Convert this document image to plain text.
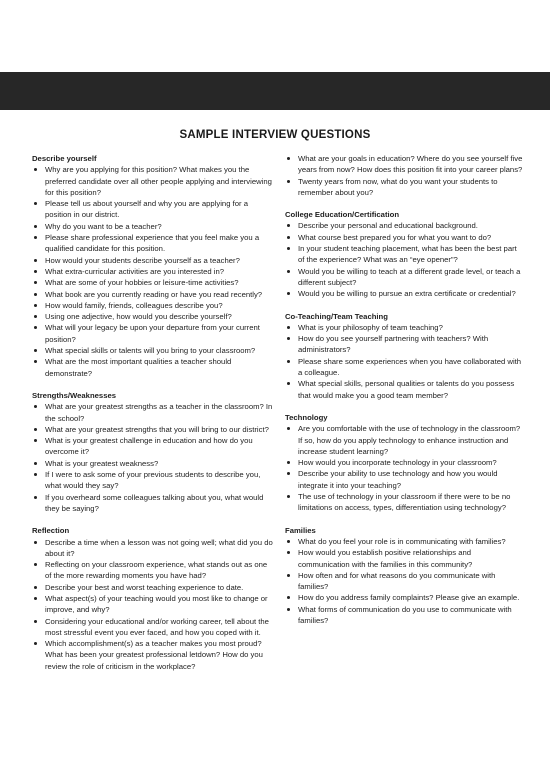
SAMPLE INTERVIEW QUESTIONS
Describe yourself
Why are you applying for this position? What makes you the preferred candidate over all other people applying and interviewing for this position?
Please tell us about yourself and why you are applying for a position in our district.
Why do you want to be a teacher?
Please share professional experience that you feel make you a qualified candidate for this position.
How would your students describe yourself as a teacher?
What extra-curricular activities are you interested in?
What are some of your hobbies or leisure-time activities?
What book are you currently reading or have you read recently?
How would family, friends, colleagues describe you?
Using one adjective, how would you describe yourself?
What will your legacy be upon your departure from your current position?
What special skills or talents will you bring to your classroom?
What are the most important qualities a teacher should demonstrate?
Strengths/Weaknesses
What are your greatest strengths as a teacher in the classroom? In the school?
What are your greatest strengths that you will bring to our district?
What is your greatest challenge in education and how do you overcome it?
What is your greatest weakness?
If I were to ask some of your previous students to describe you, what would they say?
If you overheard some colleagues talking about you, what would they be saying?
Reflection
Describe a time when a lesson was not going well; what did you do about it?
Reflecting on your classroom experience, what stands out as one of the more rewarding moments you have had?
Describe your best and worst teaching experience to date.
What aspect(s) of your teaching would you most like to change or improve, and why?
Considering your educational and/or working career, tell about the most stressful event you ever faced, and how you coped with it.
Which accomplishment(s) as a teacher makes you most proud? What has been your greatest professional letdown? How do you review the role of criticism in the workplace?
What are your goals in education? Where do you see yourself five years from now? How does this position fit into your career plans?
Twenty years from now, what do you want your students to remember about you?
College Education/Certification
Describe your personal and educational background.
What course best prepared you for what you want to do?
In your student teaching placement, what has been the best part of the experience? What was an “eye opener”?
Would you be willing to teach at a different grade level, or teach a different subject?
Would you be willing to pursue an extra certificate or credential?
Co-Teaching/Team Teaching
What is your philosophy of team teaching?
How do you see yourself partnering with teachers? With administrators?
Please share some experiences when you have collaborated with a colleague.
What special skills, personal qualities or talents do you possess that would make you a good team member?
Technology
Are you comfortable with the use of technology in the classroom? If so, how do you apply technology to enhance instruction and increase student learning?
How would you incorporate technology in your classroom?
Describe your ability to use technology and how you would integrate it into your teaching?
The use of technology in your classroom if there were to be no limitations on access, types, differentiation using technology?
Families
What do you feel your role is in communicating with families?
How would you establish positive relationships and communication with the families in this community?
How often and for what reasons do you communicate with families?
How do you address family complaints? Please give an example.
What forms of communication do you use to communicate with families?
